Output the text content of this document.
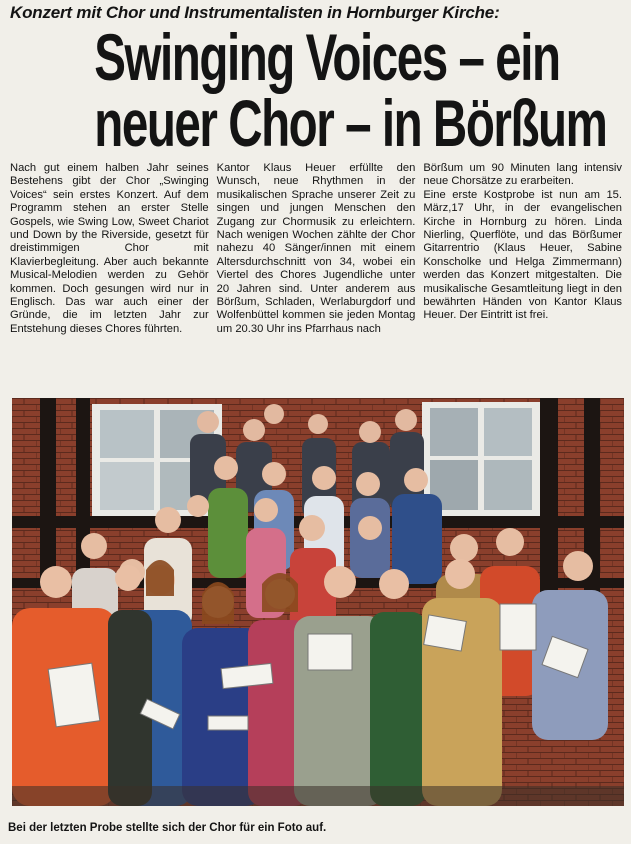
Konzert mit Chor und Instrumentalisten in Hornburger Kirche:
Swinging Voices – ein
neuer Chor – in Börßum

Nach gut einem halben Jahr seines Bestehens gibt der Chor „Swinging Voices“ sein erstes Konzert. Auf dem Programm stehen an erster Stelle Gospels, wie Swing Low, Sweet Chariot und Down by the Riverside, gesetzt für dreistimmigen Chor mit Klavierbegleitung. Aber auch bekannte Musical-Melodien werden zu Gehör kommen. Doch gesungen wird nur in Englisch. Das war auch einer der Gründe, die im letzten Jahr zur Entstehung dieses Chores führten.

Kantor Klaus Heuer erfüllte den Wunsch, neue Rhythmen in der musikalischen Sprache unserer Zeit zu singen und jungen Menschen den Zugang zur Chormusik zu erleichtern. Nach wenigen Wochen zählte der Chor nahezu 40 Sänger/innen mit einem Altersdurchschnitt von 34, wobei ein Viertel des Chores Jugendliche unter 20 Jahren sind. Unter anderem aus Börßum, Schladen, Werlaburgdorf und Wolfenbüttel kommen sie jeden Montag um 20.30 Uhr ins Pfarrhaus nach

Börßum um 90 Minuten lang intensiv neue Chorsätze zu erarbeiten.

Eine erste Kostprobe ist nun am 15. März,17 Uhr, in der evangelischen Kirche in Hornburg zu hören. Linda Nierling, Querflöte, und das Börßumer Gitarrentrio (Klaus Heuer, Sabine Konscholke und Helga Zimmermann) werden das Konzert mitgestalten. Die musikalische Gesamtleitung liegt in den bewährten Händen von Kantor Klaus Heuer. Der Eintritt ist frei.

Bei der letzten Probe stellte sich der Chor für ein Foto auf.
